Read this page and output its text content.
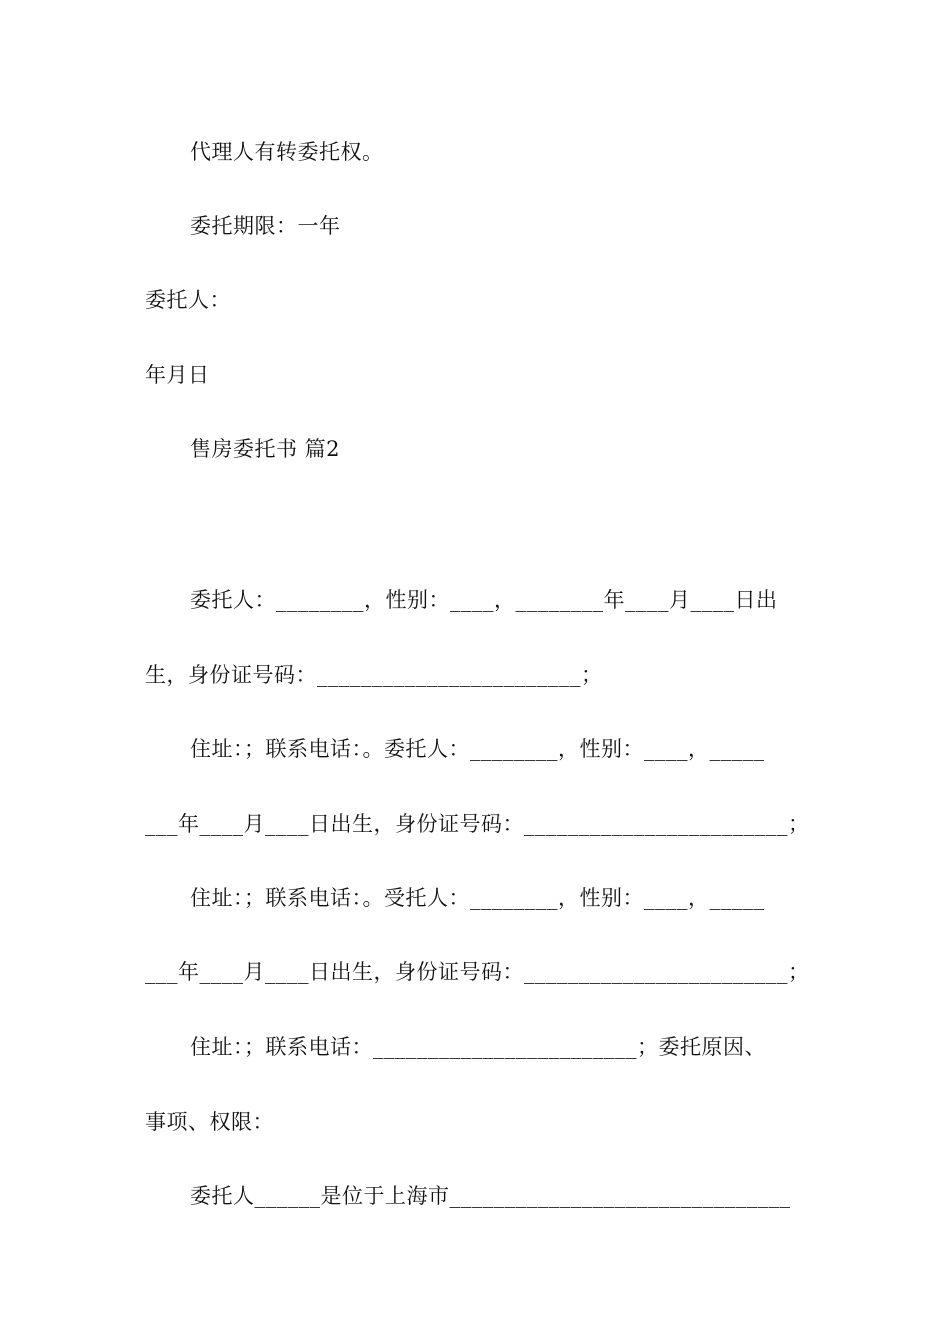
代理人有转委托权。
委托期限：一年
委托人：
年月日
售房委托书 篇2
委托人：________，性别：____，________年____月____日出
生，身份证号码：________________________；
住址：；联系电话：。委托人：________，性别：____，_____
___年____月____日出生，身份证号码：________________________；
住址：；联系电话：。受托人：________，性别：____，_____
___年____月____日出生，身份证号码：________________________；
住址：；联系电话：________________________；委托原因、
事项、权限：
委托人______是位于上海市_______________________________
